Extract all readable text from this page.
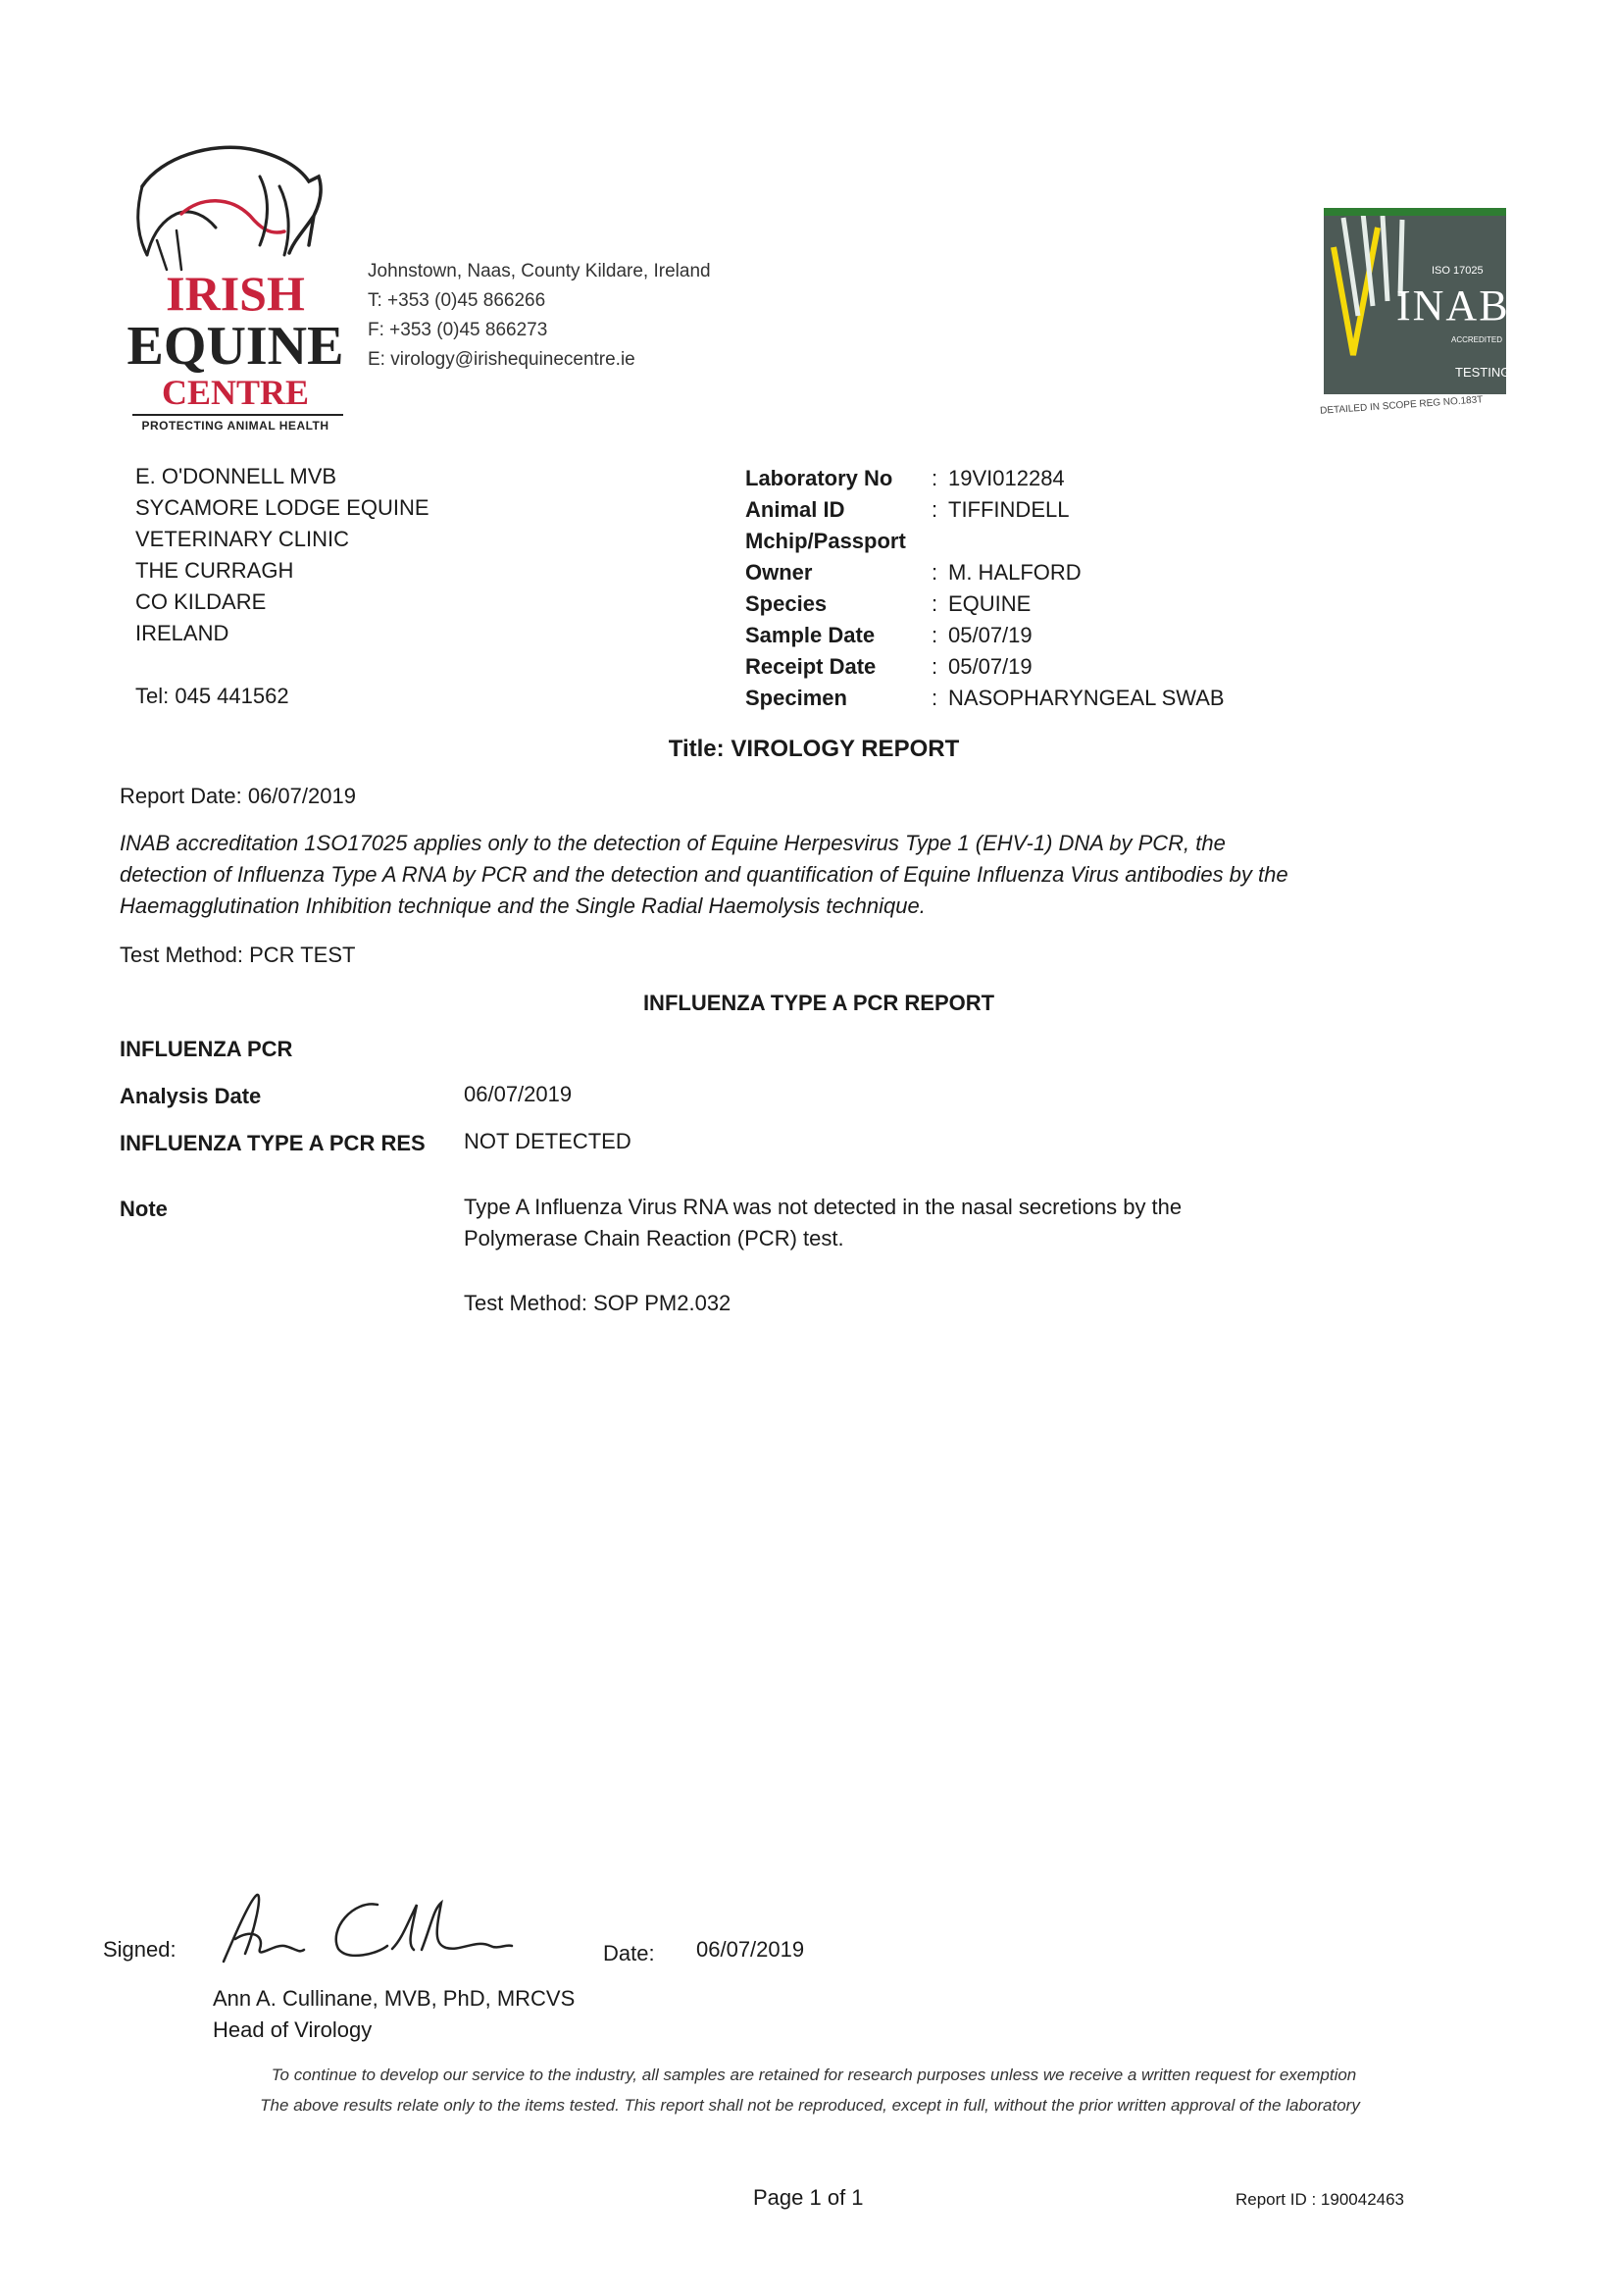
IRISH
EQUINE
CENTRE
PROTECTING ANIMAL HEALTH
Johnstown, Naas, County Kildare, Ireland
T: +353 (0)45 866266
F: +353 (0)45 866273
E: virology@irishequinecentre.ie
ISO 17025
INAB
ACCREDITED
TESTING
DETAILED IN SCOPE REG NO.183T
E. O'DONNELL MVB
SYCAMORE LODGE EQUINE
VETERINARY CLINIC
THE CURRAGH
CO KILDARE
IRELAND
Tel: 045 441562
Laboratory No : 19VI012284
Animal ID	: TIFFINDELL
Mchip/Passport
Owner	: M. HALFORD
Species	: EQUINE
Sample Date	: 05/07/19
Receipt Date	: 05/07/19
Specimen	: NASOPHARYNGEAL SWAB
Title: VIROLOGY REPORT
Report Date: 06/07/2019
INAB accreditation 1SO17025 applies only to the detection of Equine Herpesvirus Type 1 (EHV-1) DNA by PCR, the
detection of Influenza Type A RNA by PCR and the detection and quantification of Equine Influenza Virus antibodies by the
Haemagglutination Inhibition technique and the Single Radial Haemolysis technique.
Test Method: PCR TEST
INFLUENZA TYPE A PCR REPORT
INFLUENZA PCR
Analysis Date	06/07/2019
INFLUENZA TYPE A PCR RES	NOT DETECTED
Note	Type A Influenza Virus RNA was not detected in the nasal secretions by the
Polymerase Chain Reaction (PCR) test.
Test Method: SOP PM2.032
Signed:	Date: 06/07/2019
Ann A. Cullinane, MVB, PhD, MRCVS
Head of Virology
To continue to develop our service to the industry, all samples are retained for research purposes unless we receive a written request for exemption
The above results relate only to the items tested. This report shall not be reproduced, except in full, without the prior written approval of the laboratory
Page 1 of 1	Report ID : 190042463
